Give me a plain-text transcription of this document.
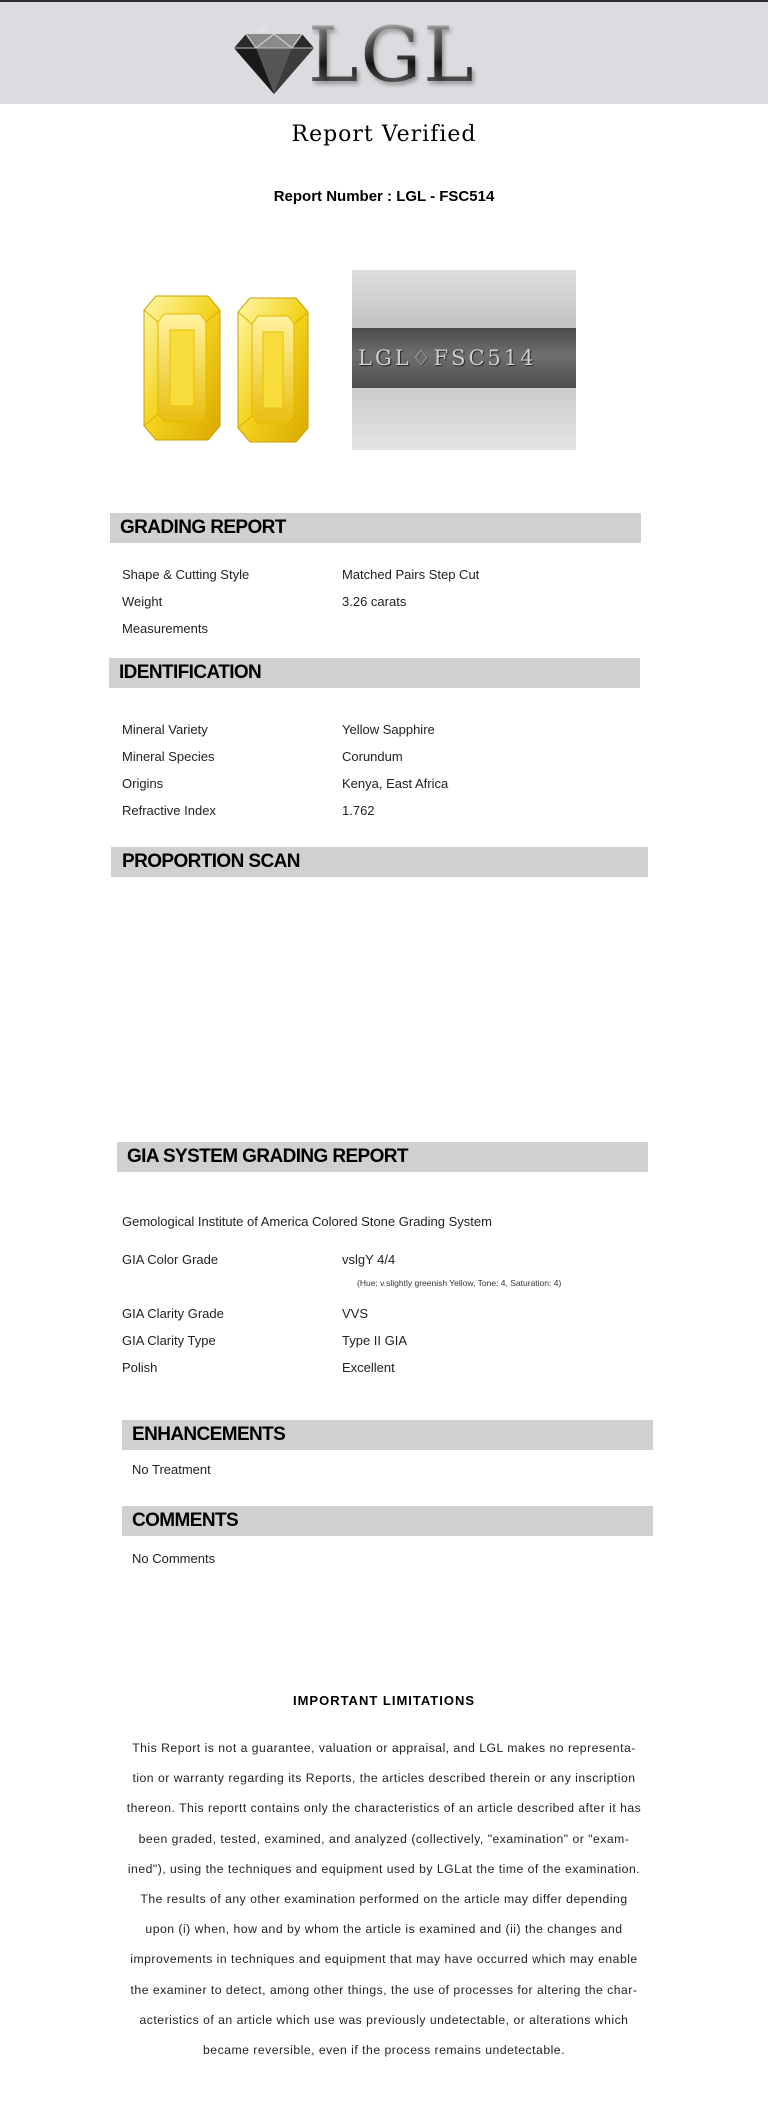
LGL
Report Verified
Report Number : LGL - FSC514
LGL♢FSC514
GRADING REPORT
Shape & Cutting Style	Matched Pairs Step Cut
Weight	3.26 carats
Measurements
IDENTIFICATION
Mineral Variety	Yellow Sapphire
Mineral Species	Corundum
Origins	Kenya, East Africa
Refractive Index	1.762
PROPORTION SCAN
GIA SYSTEM GRADING REPORT
Gemological Institute of America Colored Stone Grading System
GIA Color Grade	vslgY 4/4
(Hue: v.slightly greenish Yellow, Tone: 4, Saturation: 4)
GIA Clarity Grade	VVS
GIA Clarity Type	Type II GIA
Polish	Excellent
ENHANCEMENTS
No Treatment
COMMENTS
No Comments
IMPORTANT LIMITATIONS
This Report is not a guarantee, valuation or appraisal, and LGL makes no representa-
tion or warranty regarding its Reports, the articles described therein or any inscription
thereon. This reportt contains only the characteristics of an article described after it has
been graded, tested, examined, and analyzed (collectively, "examination" or "exam-
ined"), using the techniques and equipment used by LGLat the time of the examination.
The results of any other examination performed on the article may differ depending
upon (i) when, how and by whom the article is examined and (ii) the changes and
improvements in techniques and equipment that may have occurred which may enable
the examiner to detect, among other things, the use of processes for altering the char-
acteristics of an article which use was previously undetectable, or alterations which
became reversible, even if the process remains undetectable.
